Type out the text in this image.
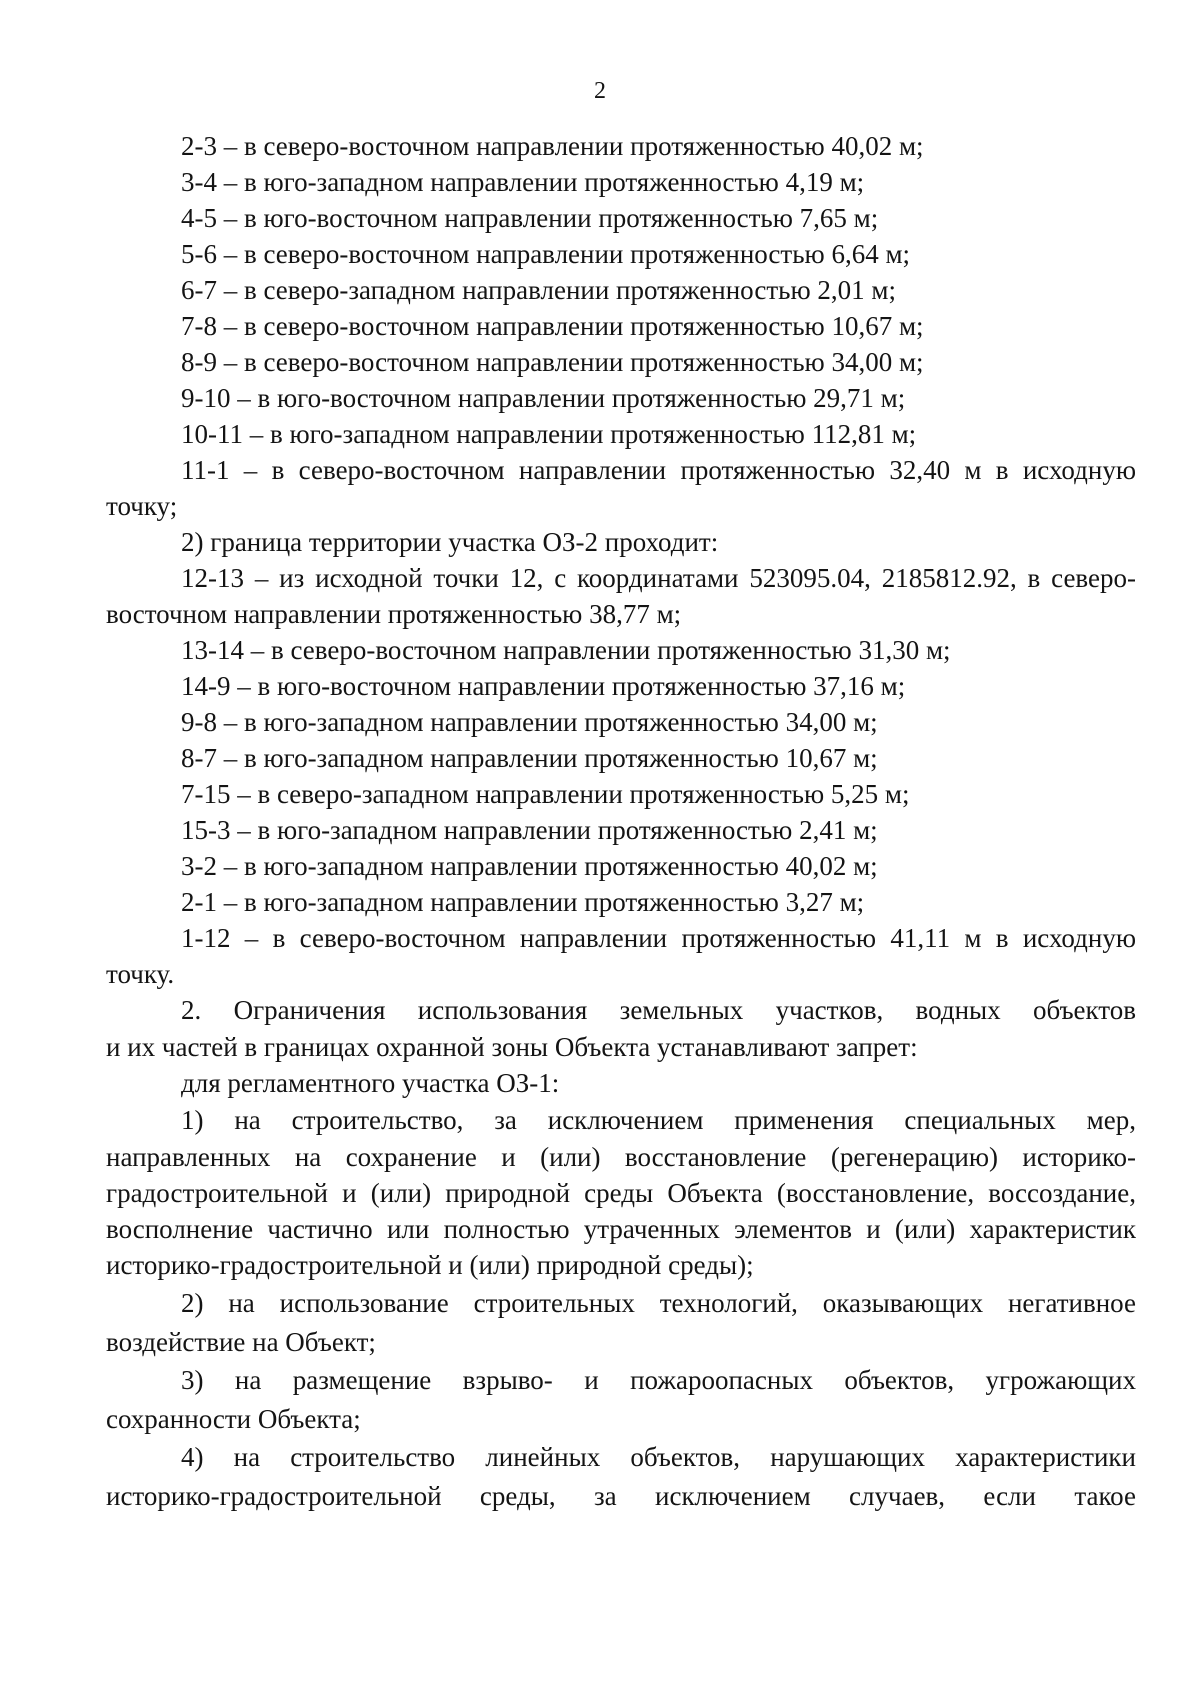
2
2-3 – в северо-восточном направлении протяженностью 40,02 м;
3-4 – в юго-западном направлении протяженностью 4,19 м;
4-5 – в юго-восточном направлении протяженностью 7,65 м;
5-6 – в северо-восточном направлении протяженностью 6,64 м;
6-7 – в северо-западном направлении протяженностью 2,01 м;
7-8 – в северо-восточном направлении протяженностью 10,67 м;
8-9 – в северо-восточном направлении протяженностью 34,00 м;
9-10 – в юго-восточном направлении протяженностью 29,71 м;
10-11 – в юго-западном направлении протяженностью 112,81 м;
11-1 – в северо-восточном направлении протяженностью 32,40 м в исходную
точку;
2) граница территории участка ОЗ-2 проходит:
12-13 – из исходной точки 12, с координатами 523095.04, 2185812.92, в северо-
восточном направлении протяженностью 38,77 м;
13-14 – в северо-восточном направлении протяженностью 31,30 м;
14-9 – в юго-восточном направлении протяженностью 37,16 м;
9-8 – в юго-западном направлении протяженностью 34,00 м;
8-7 – в юго-западном направлении протяженностью 10,67 м;
7-15 – в северо-западном направлении протяженностью 5,25 м;
15-3 – в юго-западном направлении протяженностью 2,41 м;
3-2 – в юго-западном направлении протяженностью 40,02 м;
2-1 – в юго-западном направлении протяженностью 3,27 м;
1-12 – в северо-восточном направлении протяженностью 41,11 м в исходную
точку.
2. Ограничения использования земельных участков, водных объектов
и их частей в границах охранной зоны Объекта устанавливают запрет:
для регламентного участка ОЗ-1:
1) на строительство, за исключением применения специальных мер,
направленных на сохранение и (или) восстановление (регенерацию) историко-
градостроительной и (или) природной среды Объекта (восстановление, воссоздание,
восполнение частично или полностью утраченных элементов и (или) характеристик
историко-градостроительной и (или) природной среды);
2) на использование строительных технологий, оказывающих негативное
воздействие на Объект;
3) на размещение взрыво- и пожароопасных объектов, угрожающих
сохранности Объекта;
4) на строительство линейных объектов, нарушающих характеристики
историко-градостроительной среды, за исключением случаев, если такое
